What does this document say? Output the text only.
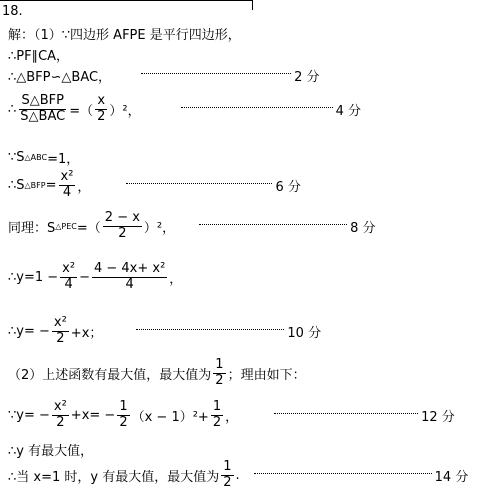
18.
解：（1）∵四边形 AFPE 是平行四边形，
∴PF∥CA，
∴△BFP∽△BAC，	2 分
∴ $\frac{\text{S△BFP}}{\text{S△BAC}}$ =（ $\frac{x}{2} )^2$，	4 分
∵S △ABC =1，
∴S △BFP = $\frac{\text{x²}}{4}$ ，	6 分
同理：S △PEC =（ $\frac{2 - x}{2} )^2$，	8 分
∴y=1 − $\frac{\text{x²}}{4} - \frac{\text{4 − 4x+ x²}}{4}$ ，
∴y= − $\frac{\text{x²}}{2} +x$；	10 分
（2）上述函数有最大值，最大值为 $\frac{1}{2}$ ；理由如下：
∵y= − $\frac{\text{x²}}{2} +x= - \frac{1}{2} (x - 1)^2+ \frac{1}{2}$ ，	12 分
∴y 有最大值，
∴当 x=1 时，y 有最大值，最大值为 $\frac{1}{2}$ .	14 分
